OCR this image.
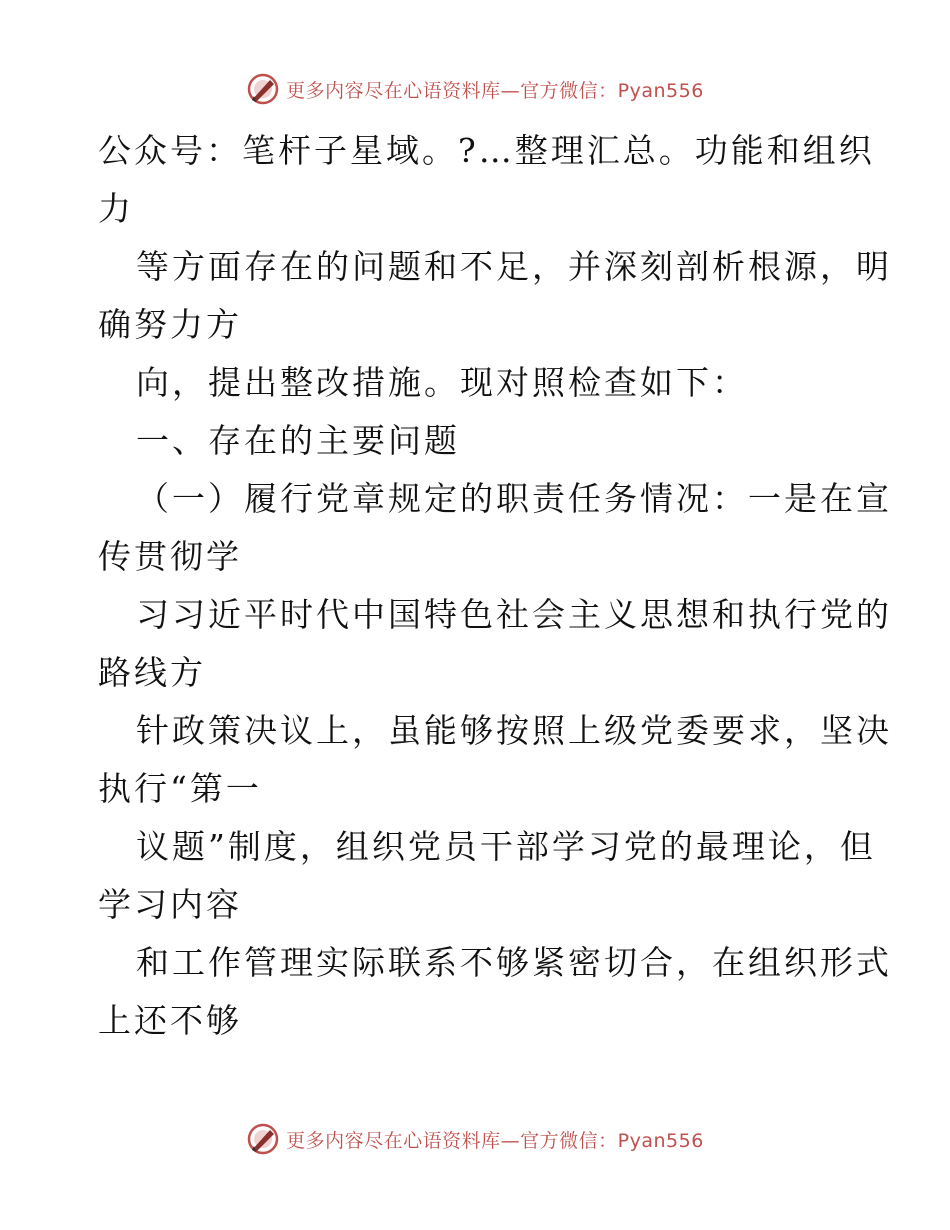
更多内容尽在心语资料库—官方微信：Pyan556
公众号：笔杆子星域。?…整理汇总。功能和组织
力
等方面存在的问题和不足，并深刻剖析根源，明
确努力方
向，提出整改措施。现对照检查如下：
一、存在的主要问题
（一）履行党章规定的职责任务情况：一是在宣
传贯彻学
习习近平时代中国特色社会主义思想和执行党的
路线方
针政策决议上，虽能够按照上级党委要求，坚决
执行“第一
议题”制度，组织党员干部学习党的最理论，但
学习内容
和工作管理实际联系不够紧密切合，在组织形式
上还不够
更多内容尽在心语资料库—官方微信：Pyan556
